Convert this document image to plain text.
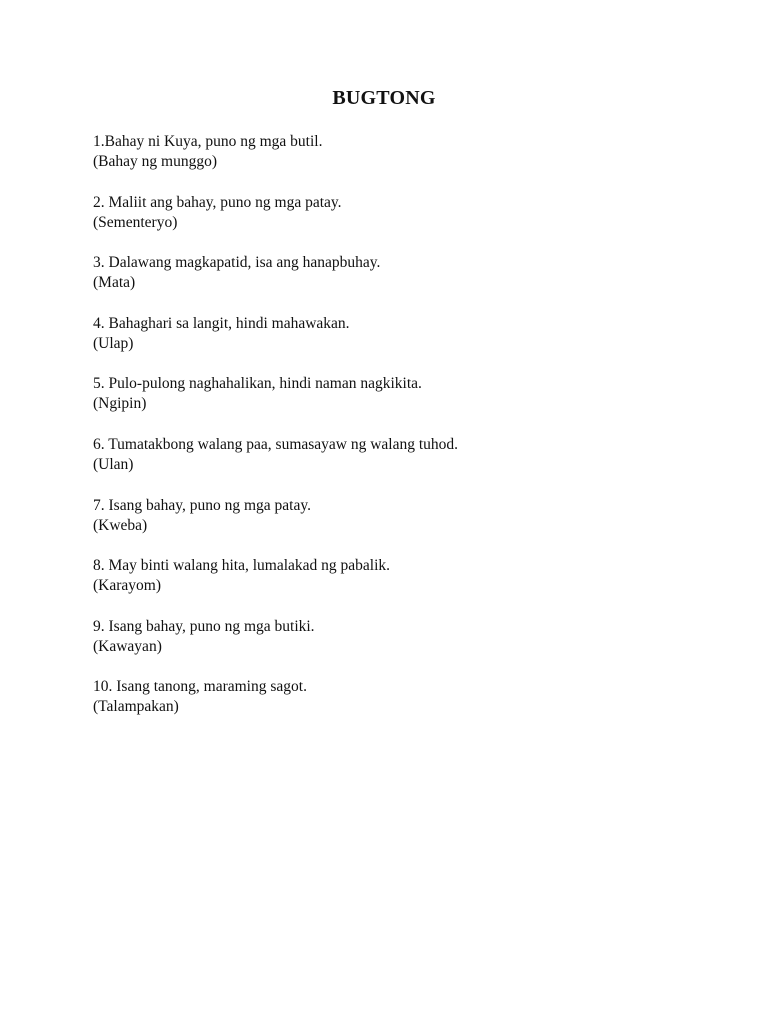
BUGTONG
1.Bahay ni Kuya, puno ng mga butil.
(Bahay ng munggo)
2. Maliit ang bahay, puno ng mga patay.
(Sementeryo)
3. Dalawang magkapatid, isa ang hanapbuhay.
(Mata)
4. Bahaghari sa langit, hindi mahawakan.
(Ulap)
5. Pulo-pulong naghahalikan, hindi naman nagkikita.
(Ngipin)
6. Tumatakbong walang paa, sumasayaw ng walang tuhod.
(Ulan)
7. Isang bahay, puno ng mga patay.
(Kweba)
8. May binti walang hita, lumalakad ng pabalik.
(Karayom)
9. Isang bahay, puno ng mga butiki.
(Kawayan)
10. Isang tanong, maraming sagot.
(Talampakan)
